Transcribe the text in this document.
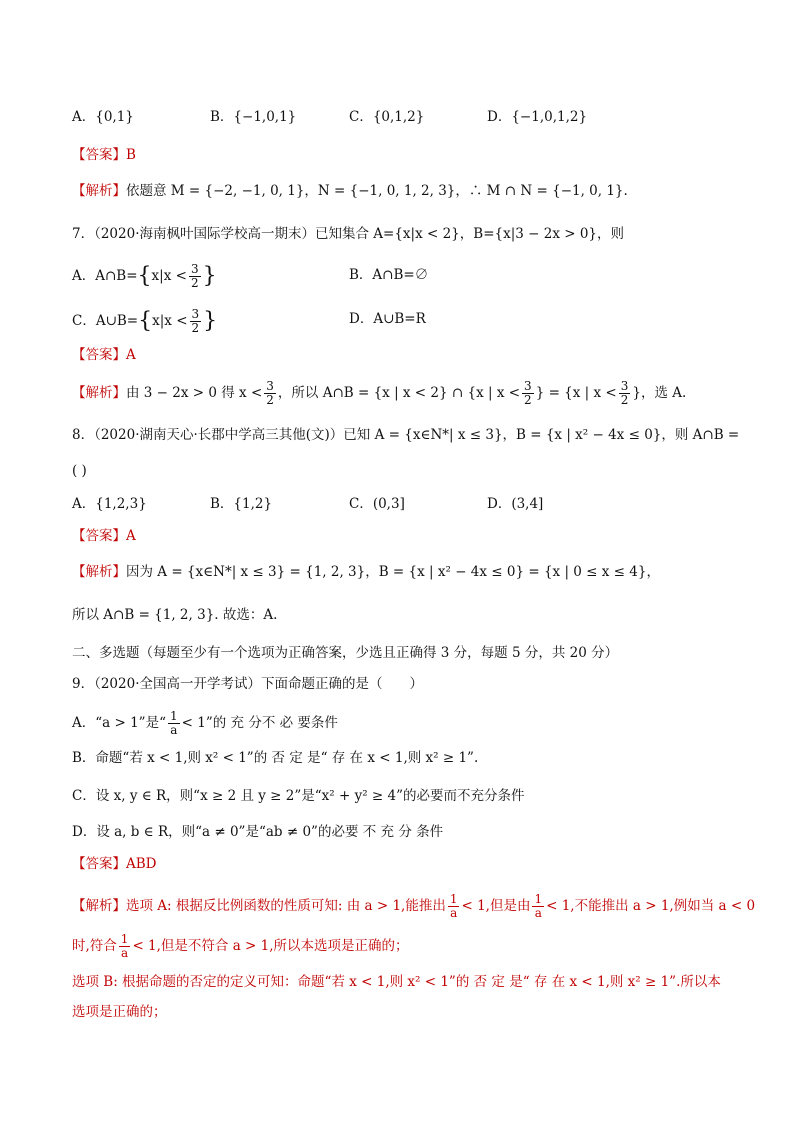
A．{0,1}	B．{−1,0,1}	C．{0,1,2}	D．{−1,0,1,2}
【答案】B
【解析】依题意 M = {−2, −1, 0, 1}，N = {−1, 0, 1, 2, 3}，∴ M ∩ N = {−1, 0, 1}.
7．（2020·海南枫叶国际学校高一期末）已知集合 A={x|x < 2}，B={x|3 − 2x > 0}，则
A．A∩B={x|x < $\frac{3}{2}$ }	B．A∩B=∅
C．A∪B={x|x < $\frac{3}{2}$ }	D．A∪B=R
【答案】A
【解析】由 3 − 2x > 0 得 $x < \frac{3}{2}$ ，所以 A∩B = {x | x < 2} ∩ {x | $x < \frac{3}{2}$ } = {x | $x < \frac{3}{2}$ }，选 A.
8．（2020·湖南天心·长郡中学高三其他(文)）已知 A = {x∈N*| x ≤ 3}，B = {x | x² − 4x ≤ 0}，则 A∩B =
( )
A．{1,2,3}	B．{1,2}	C．(0,3]	D．(3,4]
【答案】A
【解析】因为 A = {x∈N*| x ≤ 3} = {1, 2, 3}，B = {x | x² − 4x ≤ 0} = {x | 0 ≤ x ≤ 4}，
所以 A∩B = {1, 2, 3}. 故选：A.
二、多选题（每题至少有一个选项为正确答案，少选且正确得 3 分，每题 5 分，共 20 分）
9．（2020·全国高一开学考试）下面命题正确的是（　　）
A．“a > 1”是“ $\frac{1}{a} < 1$”的 充 分不 必 要条件
B．命题“若 x < 1,则 x² < 1”的 否 定 是“ 存 在 x < 1,则 x² ≥ 1”.
C．设 x, y ∈ R，则“x ≥ 2 且 y ≥ 2”是“x² + y² ≥ 4”的必要而不充分条件
D．设 a, b ∈ R，则“a ≠ 0”是“ab ≠ 0”的必要 不 充 分 条件
【答案】ABD
【解析】选项 A: 根据反比例函数的性质可知: 由 a > 1,能推出 $\frac{1}{a} < 1$,但是由 $\frac{1}{a} < 1$,不能推出 a > 1,例如当 a < 0
时,符合 $\frac{1}{a} < 1$,但是不符合 a > 1,所以本选项是正确的；
选项 B: 根据命题的否定的定义可知：命题“若 x < 1,则 x² < 1”的 否 定 是“ 存 在 x < 1,则 x² ≥ 1”.所以本
选项是正确的；
